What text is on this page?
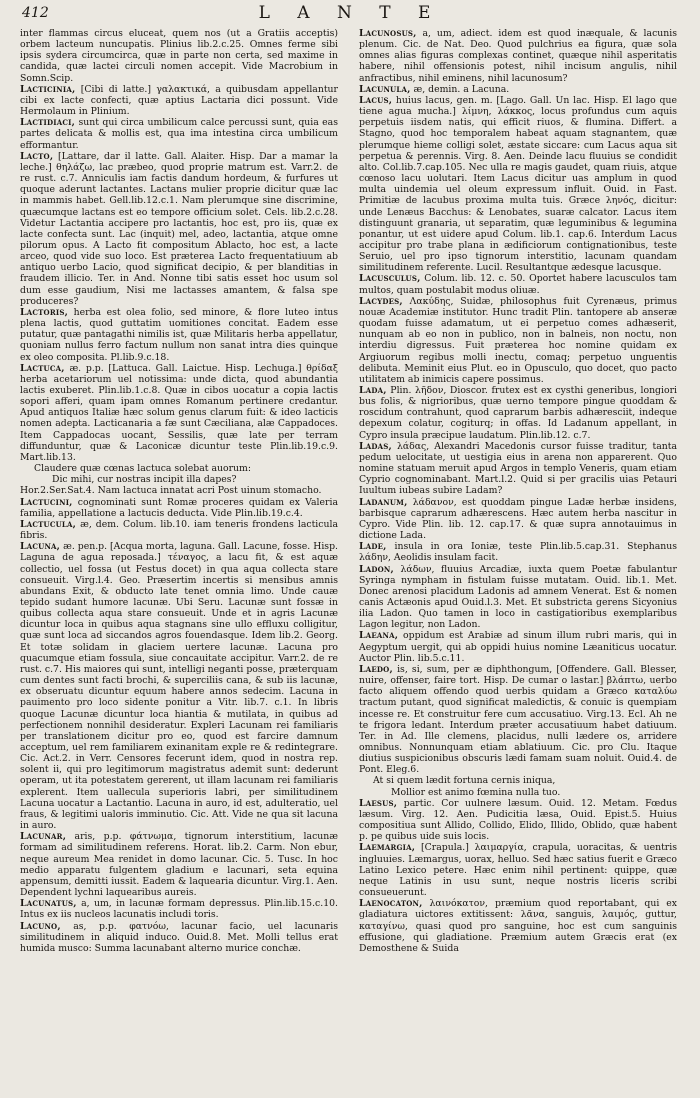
412	L A N T E

inter flammas circus eluceat, quem nos (ut a Gratiis acceptis) orbem lacteum nuncupatis. Plinius lib.2.c.25. Omnes ferme sibi ipsis sydera circumcirca, quæ in parte non certa, sed maxime in candida, quæ lactei circuli nomen accepit. Vide Macrobium in Somn.Scip.

Lacticinia, [Cibi di latte.] γαλακτικά, a quibusdam appellantur cibi ex lacte confecti, quæ aptius Lactaria dici possunt. Vide Hermolaum in Plinium.

Lactidiaci, sunt qui circa umbilicum calce percussi sunt, quia eas partes delicata & mollis est, qua ima intestina circa umbilicum efformantur.

Lacto, [Lattare, dar il latte. Gall. Alaiter. Hisp. Dar a mamar la leche.] θηλάζω, lac præbeo, quod proprie matrum est. Varr.2. de re rust. c.7. Anniculis iam factis dandum hordeum, & furfures ut quoque aderunt lactantes. Lactans mulier proprie dicitur quæ lac in mammis habet. Gell.lib.12.c.1. Nam plerumque sine discrimine, quæcumque lactans est eo tempore officium solet. Cels. lib.2.c.28. Videtur Lactantia accipere pro lactantis, hoc est, pro iis, quæ ex lacte confecta sunt. Lac (inquit) mel, adeo, lactantia, atque omne pilorum opus. A Lacto fit compositum Ablacto, hoc est, a lacte arceo, quod vide suo loco. Est præterea Lacto frequentatiuum ab antiquo uerbo Lacio, quod significat decipio, & per blanditias in fraudem illicio. Ter. in And. Nonne tibi satis esset hoc usum sol dum esse gaudium, Nisi me lactasses amantem, & falsa spe produceres?

Lactoris, herba est olea folio, sed minore, & flore luteo intus plena lactis, quod guttatim uomitiones concitat. Eadem esse putatur, quæ pantagathi nimilis ist, quæ Militaris herba appellatur, quoniam nullus ferro factum nullum non sanat intra dies quinque ex oleo composita. Pl.lib.9.c.18.

Lactuca, æ. p.p. [Lattuca. Gall. Laictue. Hisp. Lechuga.] θρίδαξ herba acetariorum uel notissima: unde dicta, quod abundantia lactis exuberet. Plin.lib.1.c.8. Quæ in cibos uocatur a copia lactis sopori afferi, quam ipam omnes Romanum pertinere credantur. Apud antiquos Italiæ hæc solum genus clarum fuit: & ideo lacticis nomen adepta. Lacticanaria a fæ sunt Cæciliana, alæ Cappadoces. Item Cappadocas uocant, Sessilis, quæ late per terram diffunduntur, quæ & Laconicæ dicuntur teste Plin.lib.19.c.9. Mart.lib.13.

Claudere quæ cœnas lactuca solebat auorum:

Dic mihi, cur nostras incipit illa dapes?

Hor.2.Ser.Sat.4. Nam lactuca innatat acri Post uinum stomacho.

Lactucini, cognominati sunt Romæ proceres quidam ex Valeria familia, appellatione a lactucis deducta. Vide Plin.lib.19.c.4.

Lactucula, æ, dem. Colum. lib.10. iam teneris frondens lacticula fibris.

Lacuna, æ. pen.p. [Acqua morta, laguna. Gall. Lacune, fosse. Hisp. Laguna de agua reposada.] τέναγος, a lacu fit, & est aquæ collectio, uel fossa (ut Festus docet) in qua aqua collecta stare consueuit. Virg.l.4. Geo. Præsertim incertis si mensibus amnis abundans Exit, & obducto late tenet omnia limo. Unde cauæ tepido sudant humore lacunæ. Ubi Seru. Lacunæ sunt fossæ in quibus collecta aqua stare consueuit. Unde et in agris Lacunæ dicuntur loca in quibus aqua stagnans sine ullo effluxu colligitur, quæ sunt loca ad siccandos agros fouendasque. Idem lib.2. Georg. Et totæ solidam in glaciem uertere lacunæ. Lacuna pro quacumque etiam fossula, siue concauitate accipitur. Varr.2. de re rust. c.7. His maiores qui sunt, intelligi neganti posse, præterquam cum dentes sunt facti brochi, & superciliis cana, & sub iis lacunæ, ex obseruatu dicuntur equum habere annos sedecim. Lacuna in pauimento pro loco sidente ponitur a Vitr. lib.7. c.1. In libris quoque Lacunæ dicuntur loca hiantia & mutilata, in quibus ad perfectionem nonnihil desideratur. Expleri Lacunam rei familiaris per translationem dicitur pro eo, quod est farcire damnum acceptum, uel rem familiarem exinanitam exple re & redintegrare. Cic. Act.2. in Verr. Censores fecerunt idem, quod in nostra rep. solent ii, qui pro legitimorum magistratus ademit sunt: dederunt operam, ut ita potestatem gererent, ut illam lacunam rei familiaris explerent. Item uallecula superioris labri, per similitudinem Lacuna uocatur a Lactantio. Lacuna in auro, id est, adulteratio, uel fraus, & legitimi ualoris imminutio. Cic. Att. Vide ne qua sit lacuna in auro.

Lacunar, aris, p.p. φάτνωμα, tignorum interstitium, lacunæ formam ad similitudinem referens. Horat. lib.2. Carm. Non ebur, neque aureum Mea renidet in domo lacunar. Cic. 5. Tusc. In hoc medio apparatu fulgentem gladium e lacunari, seta equina appensum, demitti iussit. Eadem & laquearia dicuntur. Virg.1. Aen. Dependent lychni laquearibus aureis.

Lacunatus, a, um, in lacunæ formam depressus. Plin.lib.15.c.10. Intus ex iis nucleos lacunatis includi toris.

Lacuno, as, p.p. φατνόω, lacunar facio, uel lacunaris similitudinem in aliquid induco. Ouid.8. Met. Molli tellus erat humida musco: Summa lacunabant alterno murice conchæ.

Lacunosus, a, um, adiect. idem est quod inæquale, & lacunis plenum. Cic. de Nat. Deo. Quod pulchrius ea figura, quæ sola omnes alias figuras complexas continet, quæque nihil asperitatis habere, nihil offensionis potest, nihil incisum angulis, nihil anfractibus, nihil eminens, nihil lacunosum?

Lacunula, æ, demin. a Lacuna.

Lacus, huius lacus, gen. m. [Lago. Gall. Un lac. Hisp. El lago que tiene agua mucha.] λίμνη, λάκκος, locus profundus cum aquis perpetuis iisdem natis, qui efficit riuos, & flumina. Differt. a Stagno, quod hoc temporalem habeat aquam stagnantem, quæ plerumque hieme colligi solet, æstate siccare: cum Lacus aqua sit perpetua & perennis. Virg. 8. Aen. Deinde lacu fluuius se condidit alto. Col.lib.7.cap.105. Nec ulla re magis gaudet, quam riuis, atque cœnoso lacu uolutari. Item Lacus dicitur uas amplum in quod multa uindemia uel oleum expressum influit. Ouid. in Fast. Primitiæ de lacubus proxima multa tuis. Græce ληνός, dicitur: unde Lenæus Bacchus: & Lenobates, suaræ calcator. Lacus item distinguunt granaria, ut separatim, quæ leguminibus & legumina ponantur, ut est uidere apud Colum. lib.1. cap.6. Interdum Lacus accipitur pro trabe plana in ædificiorum contignationibus, teste Seruio, uel pro ipso tignorum interstitio, lacunam quandam similitudinem referente. Lucil. Resultantque ædesque lacusque.

Lacusculus, Colum. lib. 12. c. 50. Oportet habere lacusculos tam multos, quam postulabit modus oliuæ.

Lacydes, Λακύδης, Suidæ, philosophus fuit Cyrenæus, primus nouæ Academiæ institutor. Hunc tradit Plin. tantopere ab anseræ quodam fuisse adamatum, ut ei perpetuo comes adhæserit, nunquam ab eo non in publico, non in balneis, non noctu, non interdiu digressus. Fuit præterea hoc nomine quidam ex Argiuorum regibus molli inectu, comaq; perpetuo unguentis delibuta. Meminit eius Plut. eo in Opusculo, quo docet, quo pacto utilitatem ab inimicis capere possimus.

Lada, Plin. λῆδον, Dioscor. frutex est ex cysthi generibus, longiori bus folis, & nigrioribus, quæ uerno tempore pingue quoddam & roscidum contrahunt, quod caprarum barbis adhæresciit, indeque depexum colatur, cogiturq; in offas. Id Ladanum appellant, in Cypro insula præcipue laudatum. Plin.lib.12. c.7.

Ladas, λάδας, Alexandri Macedonis cursor fuisse traditur, tanta pedum uelocitate, ut uestigia eius in arena non apparerent. Quo nomine statuam meruit apud Argos in templo Veneris, quam etiam Cyprio cognominabant. Mart.l.2. Quid si per gracilis uias Petauri Iuultum iubeas subire Ladam?

Ladanum, λάδανον, est quoddam pingue Ladæ herbæ insidens, barbisque caprarum adhærescens. Hæc autem herba nascitur in Cypro. Vide Plin. lib. 12. cap.17. & quæ supra annotauimus in dictione Lada.

Lade, insula in ora Ioniæ, teste Plin.lib.5.cap.31. Stephanus λάδην, Aeolidis insulam facit.

Ladon, λάδων, fluuius Arcadiæ, iuxta quem Poetæ fabulantur Syringa nympham in fistulam fuisse mutatam. Ouid. lib.1. Met. Donec arenosi placidum Ladonis ad amnem Venerat. Est & nomen canis Actæonis apud Ouid.l.3. Met. Et substricta gerens Sicyonius ilia Ladon. Quo tamen in loco in castigatioribus exemplaribus Lagon legitur, non Ladon.

Laeana, oppidum est Arabiæ ad sinum illum rubri maris, qui in Aegyptum uergit, qui ab oppidi huius nomine Læaniticus uocatur. Auctor Plin. lib.5.c.11.

Laedo, is, si, sum, per æ diphthongum, [Offendere. Gall. Blesser, nuire, offenser, faire tort. Hisp. De cumar o lastar.] βλάπτω, uerbo facto aliquem offendo quod uerbis quidam a Græco καταλύω tractum putant, quod significat maledictis, & conuic is quempiam incesse re. Et construitur fere cum accusatiuo. Virg.13. Ecl. Ah ne te frigora ledant. Interdum præter accusatiuum habet datiuum. Ter. in Ad. Ille clemens, placidus, nulli lædere os, arridere omnibus. Nonnunquam etiam ablatiuum. Cic. pro Clu. Itaque diutius suspicionibus obscuris lædi famam suam noluit. Ouid.4. de Pont. Eleg.6.

At si quem lædit fortuna cernis iniqua,

Mollior est animo fœmina nulla tuo.

Laesus, partic. Cor uulnere læsum. Ouid. 12. Metam. Fœdus læsum. Virg. 12. Aen. Pudicitia læsa, Ouid. Epist.5. Huius compositiua sunt Allido, Collido, Elido, Illido, Oblido, quæ habent p. pe quibus uide suis locis.

Laemargia, [Crapula.] λαιμαργία, crapula, uoracitas, & uentris ingluuies. Læmargus, uorax, helluo. Sed hæc satius fuerit e Græco Latino Lexico petere. Hæc enim nihil pertinent: quippe, quæ neque Latinis in usu sunt, neque nostris liceris scribi consueuerunt.

Laenocaton, λαινόκατον, præmium quod reportabant, qui ex gladiatura uictores extitissent: λᾶνα, sanguis, λαιμός, guttur, καταγίνω, quasi quod pro sanguine, hoc est cum sanguinis effusione, qui gladiatione. Præmium autem Græcis erat (ex Demosthene & Suida
